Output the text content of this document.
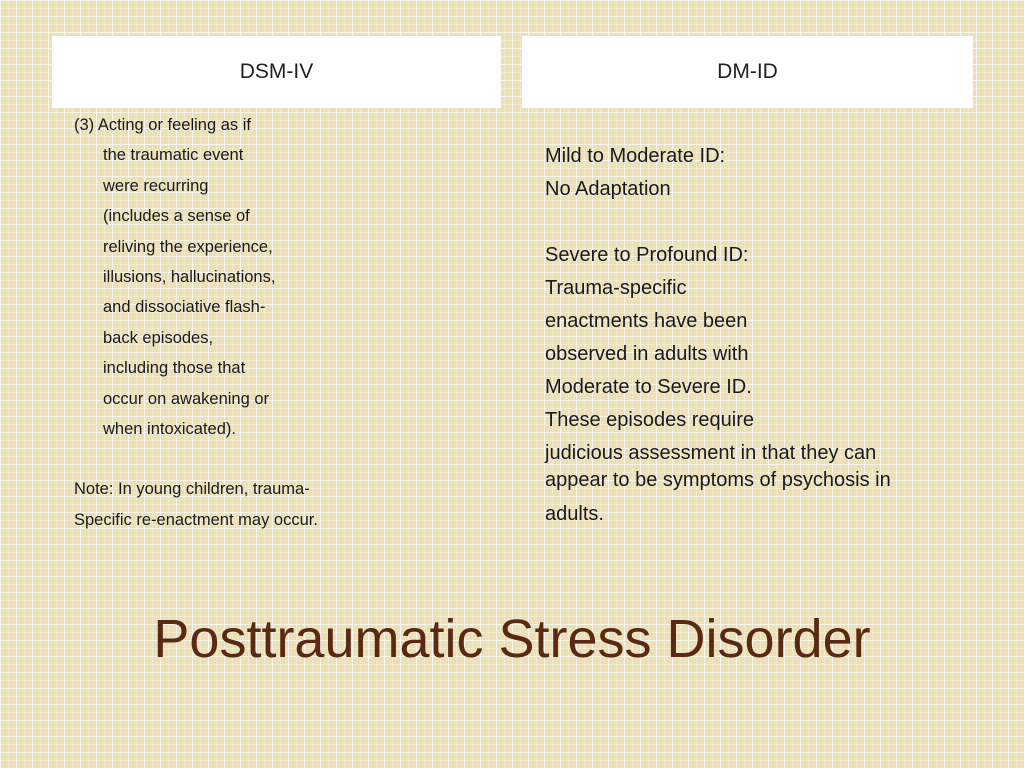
DSM-IV	DM-ID
(3) Acting or feeling as if
the traumatic event
were recurring
(includes a sense of
reliving the experience,
illusions, hallucinations,
and dissociative flash-
back episodes,
including those that
occur on awakening or
when intoxicated).
Note: In young children, trauma-
Specific re-enactment may occur.
Mild to Moderate ID:
No Adaptation
Severe to Profound ID:
Trauma-specific
enactments have been
observed in adults with
Moderate to Severe ID.
These episodes require
judicious assessment in that they can
appear to be symptoms of psychosis in
adults.
Posttraumatic Stress Disorder
